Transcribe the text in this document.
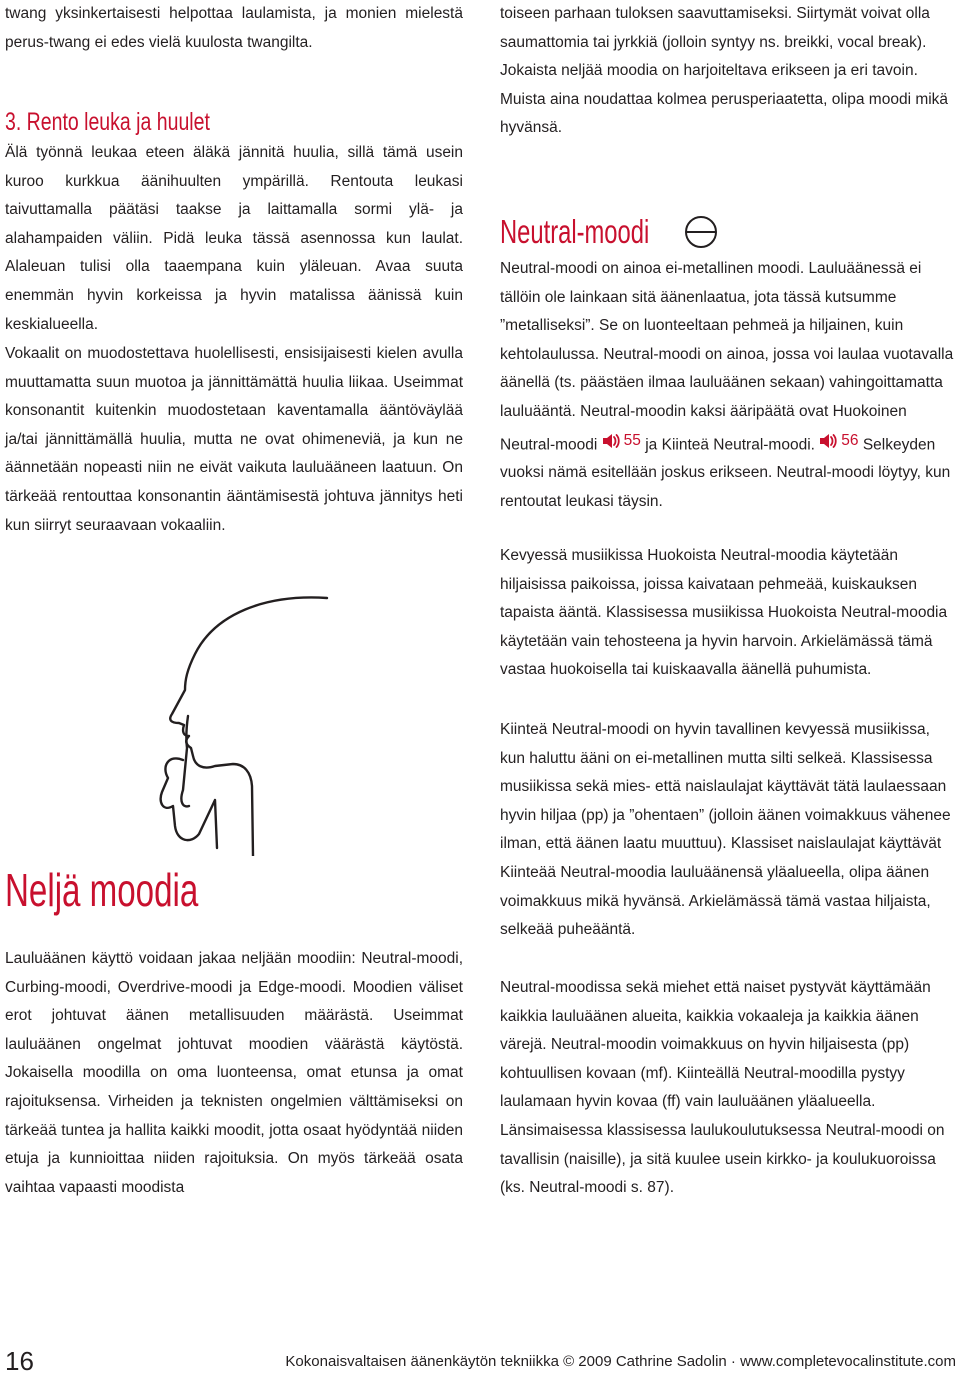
twang yksinkertaisesti helpottaa laulamista, ja monien mielestä perus-twang ei edes vielä kuulosta twangilta.

3. Rento leuka ja huulet

Älä työnnä leukaa eteen äläkä jännitä huulia, sillä tämä usein kuroo kurkkua äänihuulten ympärillä. Rentouta leukasi taivuttamalla päätäsi taakse ja laittamalla sormi ylä- ja alahampaiden väliin. Pidä leuka tässä asennossa kun laulat. Alaleuan tulisi olla taaempana kuin yläleuan. Avaa suuta enemmän hyvin korkeissa ja hyvin matalissa äänissä kuin keskialueella.

Vokaalit on muodostettava huolellisesti, ensisijaisesti kielen avulla muuttamatta suun muotoa ja jännittämättä huulia liikaa. Useimmat konsonantit kuitenkin muodostetaan kaventamalla ääntöväylää ja/tai jännittämällä huulia, mutta ne ovat ohimeneviä, ja kun ne äännetään nopeasti niin ne eivät vaikuta lauluääneen laatuun. On tärkeää rentouttaa konsonantin ääntämisestä johtuva jännitys heti kun siirryt seuraavaan vokaaliin.

Neljä moodia

Lauluäänen käyttö voidaan jakaa neljään moodiin: Neutral-moodi, Curbing-moodi, Overdrive-moodi ja Edge-moodi. Moodien väliset erot johtuvat äänen metallisuuden määrästä. Useimmat lauluäänen ongelmat johtuvat moodien väärästä käytöstä. Jokaisella moodilla on oma luonteensa, omat etunsa ja omat rajoituksensa. Virheiden ja teknisten ongelmien välttämiseksi on tärkeää tuntea ja hallita kaikki moodit, jotta osaat hyödyntää niiden etuja ja kunnioittaa niiden rajoituksia. On myös tärkeää osata vaihtaa vapaasti moodista

toiseen parhaan tuloksen saavuttamiseksi. Siirtymät voivat olla saumattomia tai jyrkkiä (jolloin syntyy ns. breikki, vocal break). Jokaista neljää moodia on harjoiteltava erikseen ja eri tavoin. Muista aina noudattaa kolmea perusperiaatetta, olipa moodi mikä hyvänsä.

Neutral-moodi

Neutral-moodi on ainoa ei-metallinen moodi. Lauluäänessä ei tällöin ole lainkaan sitä äänenlaatua, jota tässä kutsumme ”metalliseksi”. Se on luonteeltaan pehmeä ja hiljainen, kuin kehtolaulussa. Neutral-moodi on ainoa, jossa voi laulaa vuotavalla äänellä (ts. päästäen ilmaa lauluäänen sekaan) vahingoittamatta lauluääntä. Neutral-moodin kaksi ääripäätä ovat Huokoinen Neutral-moodi 55 ja Kiinteä Neutral-moodi. 56 Selkeyden vuoksi nämä esitellään joskus erikseen. Neutral-moodi löytyy, kun rentoutat leukasi täysin.

Kevyessä musiikissa Huokoista Neutral-moodia käytetään hiljaisissa paikoissa, joissa kaivataan pehmeää, kuiskauksen tapaista ääntä. Klassisessa musiikissa Huokoista Neutral-moodia käytetään vain tehosteena ja hyvin harvoin. Arkielämässä tämä vastaa huokoisella tai kuiskaavalla äänellä puhumista.

Kiinteä Neutral-moodi on hyvin tavallinen kevyessä musiikissa, kun haluttu ääni on ei-metallinen mutta silti selkeä. Klassisessa musiikissa sekä mies- että naislaulajat käyttävät tätä laulaessaan hyvin hiljaa (pp) ja ”ohentaen” (jolloin äänen voimakkuus vähenee ilman, että äänen laatu muuttuu). Klassiset naislaulajat käyttävät Kiinteää Neutral-moodia lauluäänensä yläalueella, olipa äänen voimakkuus mikä hyvänsä. Arkielämässä tämä vastaa hiljaista, selkeää puheääntä.

Neutral-moodissa sekä miehet että naiset pystyvät käyttämään kaikkia lauluäänen alueita, kaikkia vokaaleja ja kaikkia äänen värejä. Neutral-moodin voimakkuus on hyvin hiljaisesta (pp) kohtuullisen kovaan (mf). Kiinteällä Neutral-moodilla pystyy laulamaan hyvin kovaa (ff) vain lauluäänen yläalueella. Länsimaisessa klassisessa laulukoulutuksessa Neutral-moodi on tavallisin (naisille), ja sitä kuulee usein kirkko- ja koulukuoroissa (ks. Neutral-moodi s. 87).

16	Kokonaisvaltaisen äänenkäytön tekniikka © 2009 Cathrine Sadolin · www.completevocalinstitute.com
